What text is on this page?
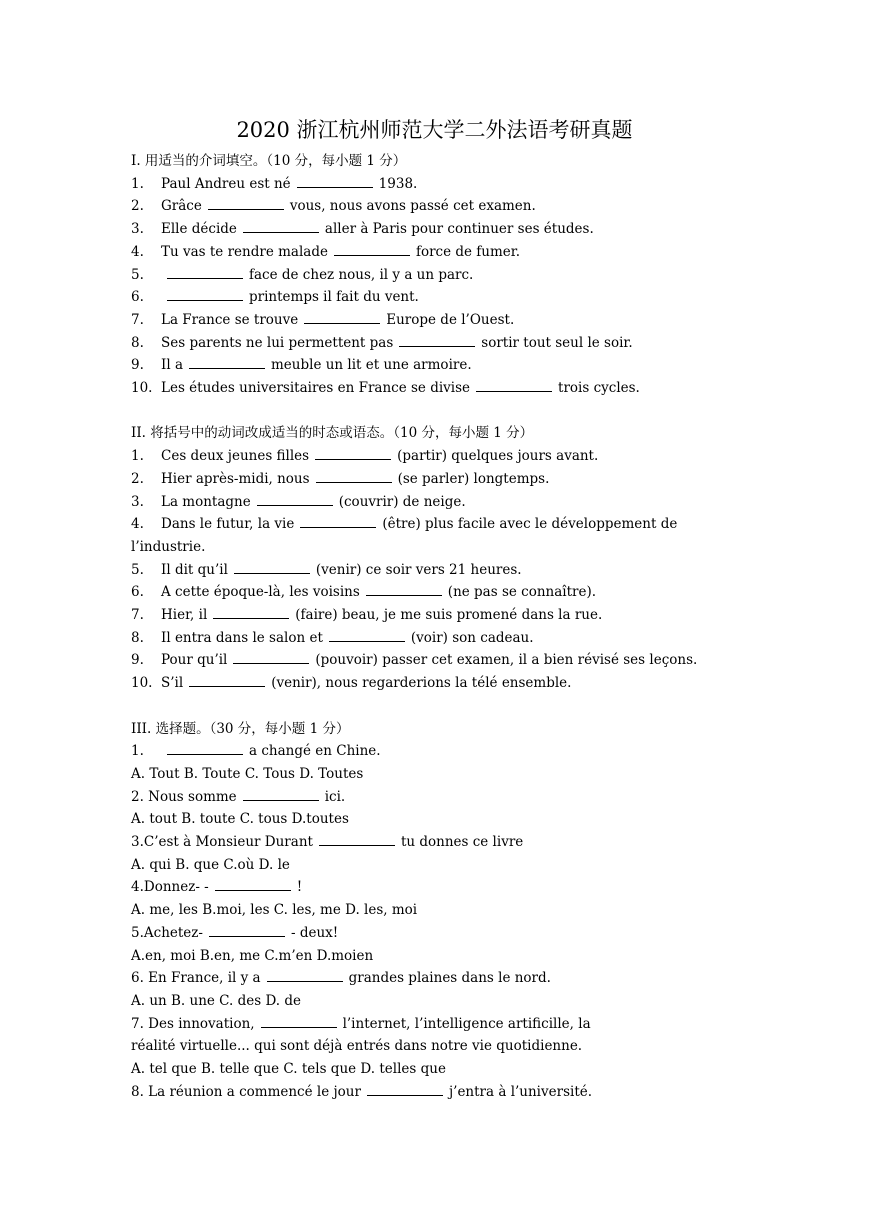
2020 浙江杭州师范大学二外法语考研真题
I. 用适当的介词填空。（10 分，每小题 1 分）
1. Paul Andreu est né	1938.
2. Grâce	vous, nous avons passé cet examen.
3. Elle décide	aller à Paris pour continuer ses études.
4. Tu vas te rendre malade	force de fumer.
5.	face de chez nous, il y a un parc.
6.	printemps il fait du vent.
7. La France se trouve	Europe de l’Ouest.
8. Ses parents ne lui permettent pas	sortir tout seul le soir.
9. Il a	meuble un lit et une armoire.
10. Les études universitaires en France se divise	trois cycles.
II. 将括号中的动词改成适当的时态或语态。（10 分，每小题 1 分）
1. Ces deux jeunes filles	(partir) quelques jours avant.
2. Hier après-midi, nous	(se parler) longtemps.
3. La montagne	(couvrir) de neige.
4. Dans le futur, la vie	(être) plus facile avec le développement de
l’industrie.
5. Il dit qu’il	(venir) ce soir vers 21 heures.
6. A cette époque-là, les voisins	(ne pas se connaître).
7. Hier, il	(faire) beau, je me suis promené dans la rue.
8. Il entra dans le salon et	(voir) son cadeau.
9. Pour qu’il	(pouvoir) passer cet examen, il a bien révisé ses leçons.
10. S’il	(venir), nous regarderions la télé ensemble.
III. 选择题。（30 分，每小题 1 分）
1.	a changé en Chine.
A. Tout B. Toute C. Tous D. Toutes
2. Nous somme	ici.
A. tout B. toute C. tous D.toutes
3.C’est à Monsieur Durant	tu donnes ce livre
A. qui B. que C.où D. le
4.Donnez- -	!
A. me, les B.moi, les C. les, me D. les, moi
5.Achetez-	- deux!
A.en, moi B.en, me C.m’en D.moien
6. En France, il y a	grandes plaines dans le nord.
A. un B. une C. des D. de
7. Des innovation,	l’internet, l’intelligence artificille, la
réalité virtuelle... qui sont déjà entrés dans notre vie quotidienne.
A. tel que B. telle que C. tels que D. telles que
8. La réunion a commencé le jour	j’entra à l’université.
